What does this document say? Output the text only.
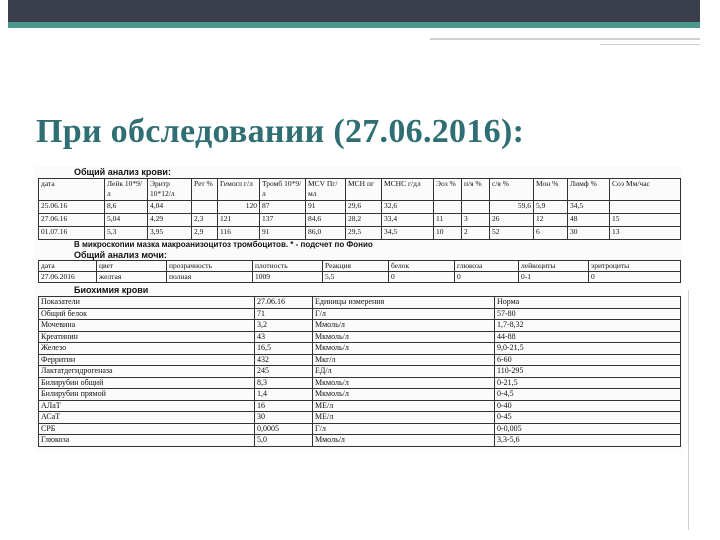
При обследовании (27.06.2016):
Общий анализ крови:
дата	Лейк 10*9/л	Эритр 10*12/л	Рет %	Гемогл г/л	Тромб 10*9/л	MCV Пг/мл	MCH пг	MCHC г/дл	Эоз %	п/я %	с/я %	Мон %	Лимф %	Соэ Мм/час
25.06.16	8,6	4,04		120	87	91	29,6	32,6			59,6	5,9	34,5	
27.06.16	5,04	4,29	2,3	121	137	84,6	28,2	33,4	11	3	26	12	48	15
01.07.16	5,3	3,95	2,9	116	91	86,0	29,5	34,5	10	2	52	6	30	13
В микроскопии мазка макроанизоцитоз тромбоцитов. * - подсчет по Фонио
Общий анализ мочи:
дата	цвет	прозрачность	плотность	Реакция	белок	глюкоза	лейкоциты	эритроциты
27.06.2016	желтая	полная	1009	5,5	0	0	0-1	0
Биохимия крови
Показатели	27.06.16	Единицы измерения	Норма
Общий белок	71	Г/л	57-80
Мочевина	3,2	Ммоль/л	1,7-8,32
Креатинин	43	Мкмоль/л	44-88
Железо	16,5	Мкмоль/л	9,0-21,5
Ферритин	432	Мкг/л	6-60
Лактатдегидрогеназа	245	ЕД/л	110-295
Билирубин общий	8,3	Мкмоль/л	0-21,5
Билирубин прямой	1,4	Мкмоль/л	0-4,5
АЛаТ	16	МЕ/л	0-40
АСаТ	30	МЕ/л	0-45
СРБ	0,0005	Г/л	0-0,005
Глюкоза	5,0	Ммоль/л	3,3-5,6
